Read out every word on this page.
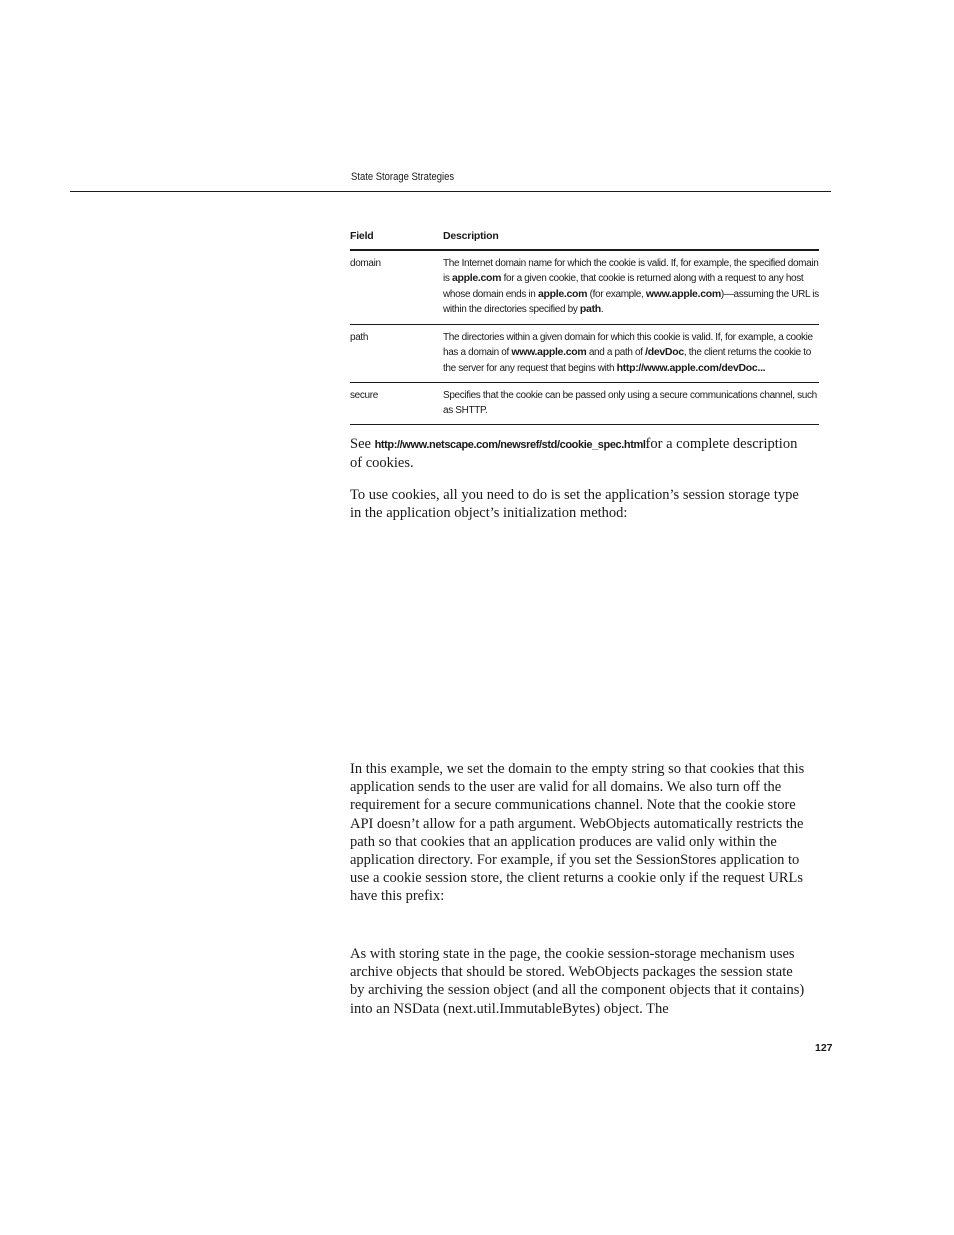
State Storage Strategies
Field	Description
domain	The Internet domain name for which the cookie is valid. If, for example, the specified domain is apple.com for a given cookie, that cookie is returned along with a request to any host whose domain ends in apple.com (for example, www.apple.com)—assuming the URL is within the directories specified by path.
path	The directories within a given domain for which this cookie is valid. If, for example, a cookie has a domain of www.apple.com and a path of /devDoc, the client returns the cookie to the server for any request that begins with http://www.apple.com/devDoc...
secure	Specifies that the cookie can be passed only using a secure communications channel, such as SHTTP.

See http://www.netscape.com/newsref/std/cookie_spec.htmlfor a complete description of cookies.

To use cookies, all you need to do is set the application’s session storage type in the application object’s initialization method:

In this example, we set the domain to the empty string so that cookies that this application sends to the user are valid for all domains. We also turn off the requirement for a secure communications channel. Note that the cookie store API doesn’t allow for a path argument. WebObjects automatically restricts the path so that cookies that an application produces are valid only within the application directory. For example, if you set the SessionStores application to use a cookie session store, the client returns a cookie only if the request URLs have this prefix:

As with storing state in the page, the cookie session-storage mechanism uses archive objects that should be stored. WebObjects packages the session state by archiving the session object (and all the component objects that it contains) into an NSData (next.util.ImmutableBytes) object. The

127
